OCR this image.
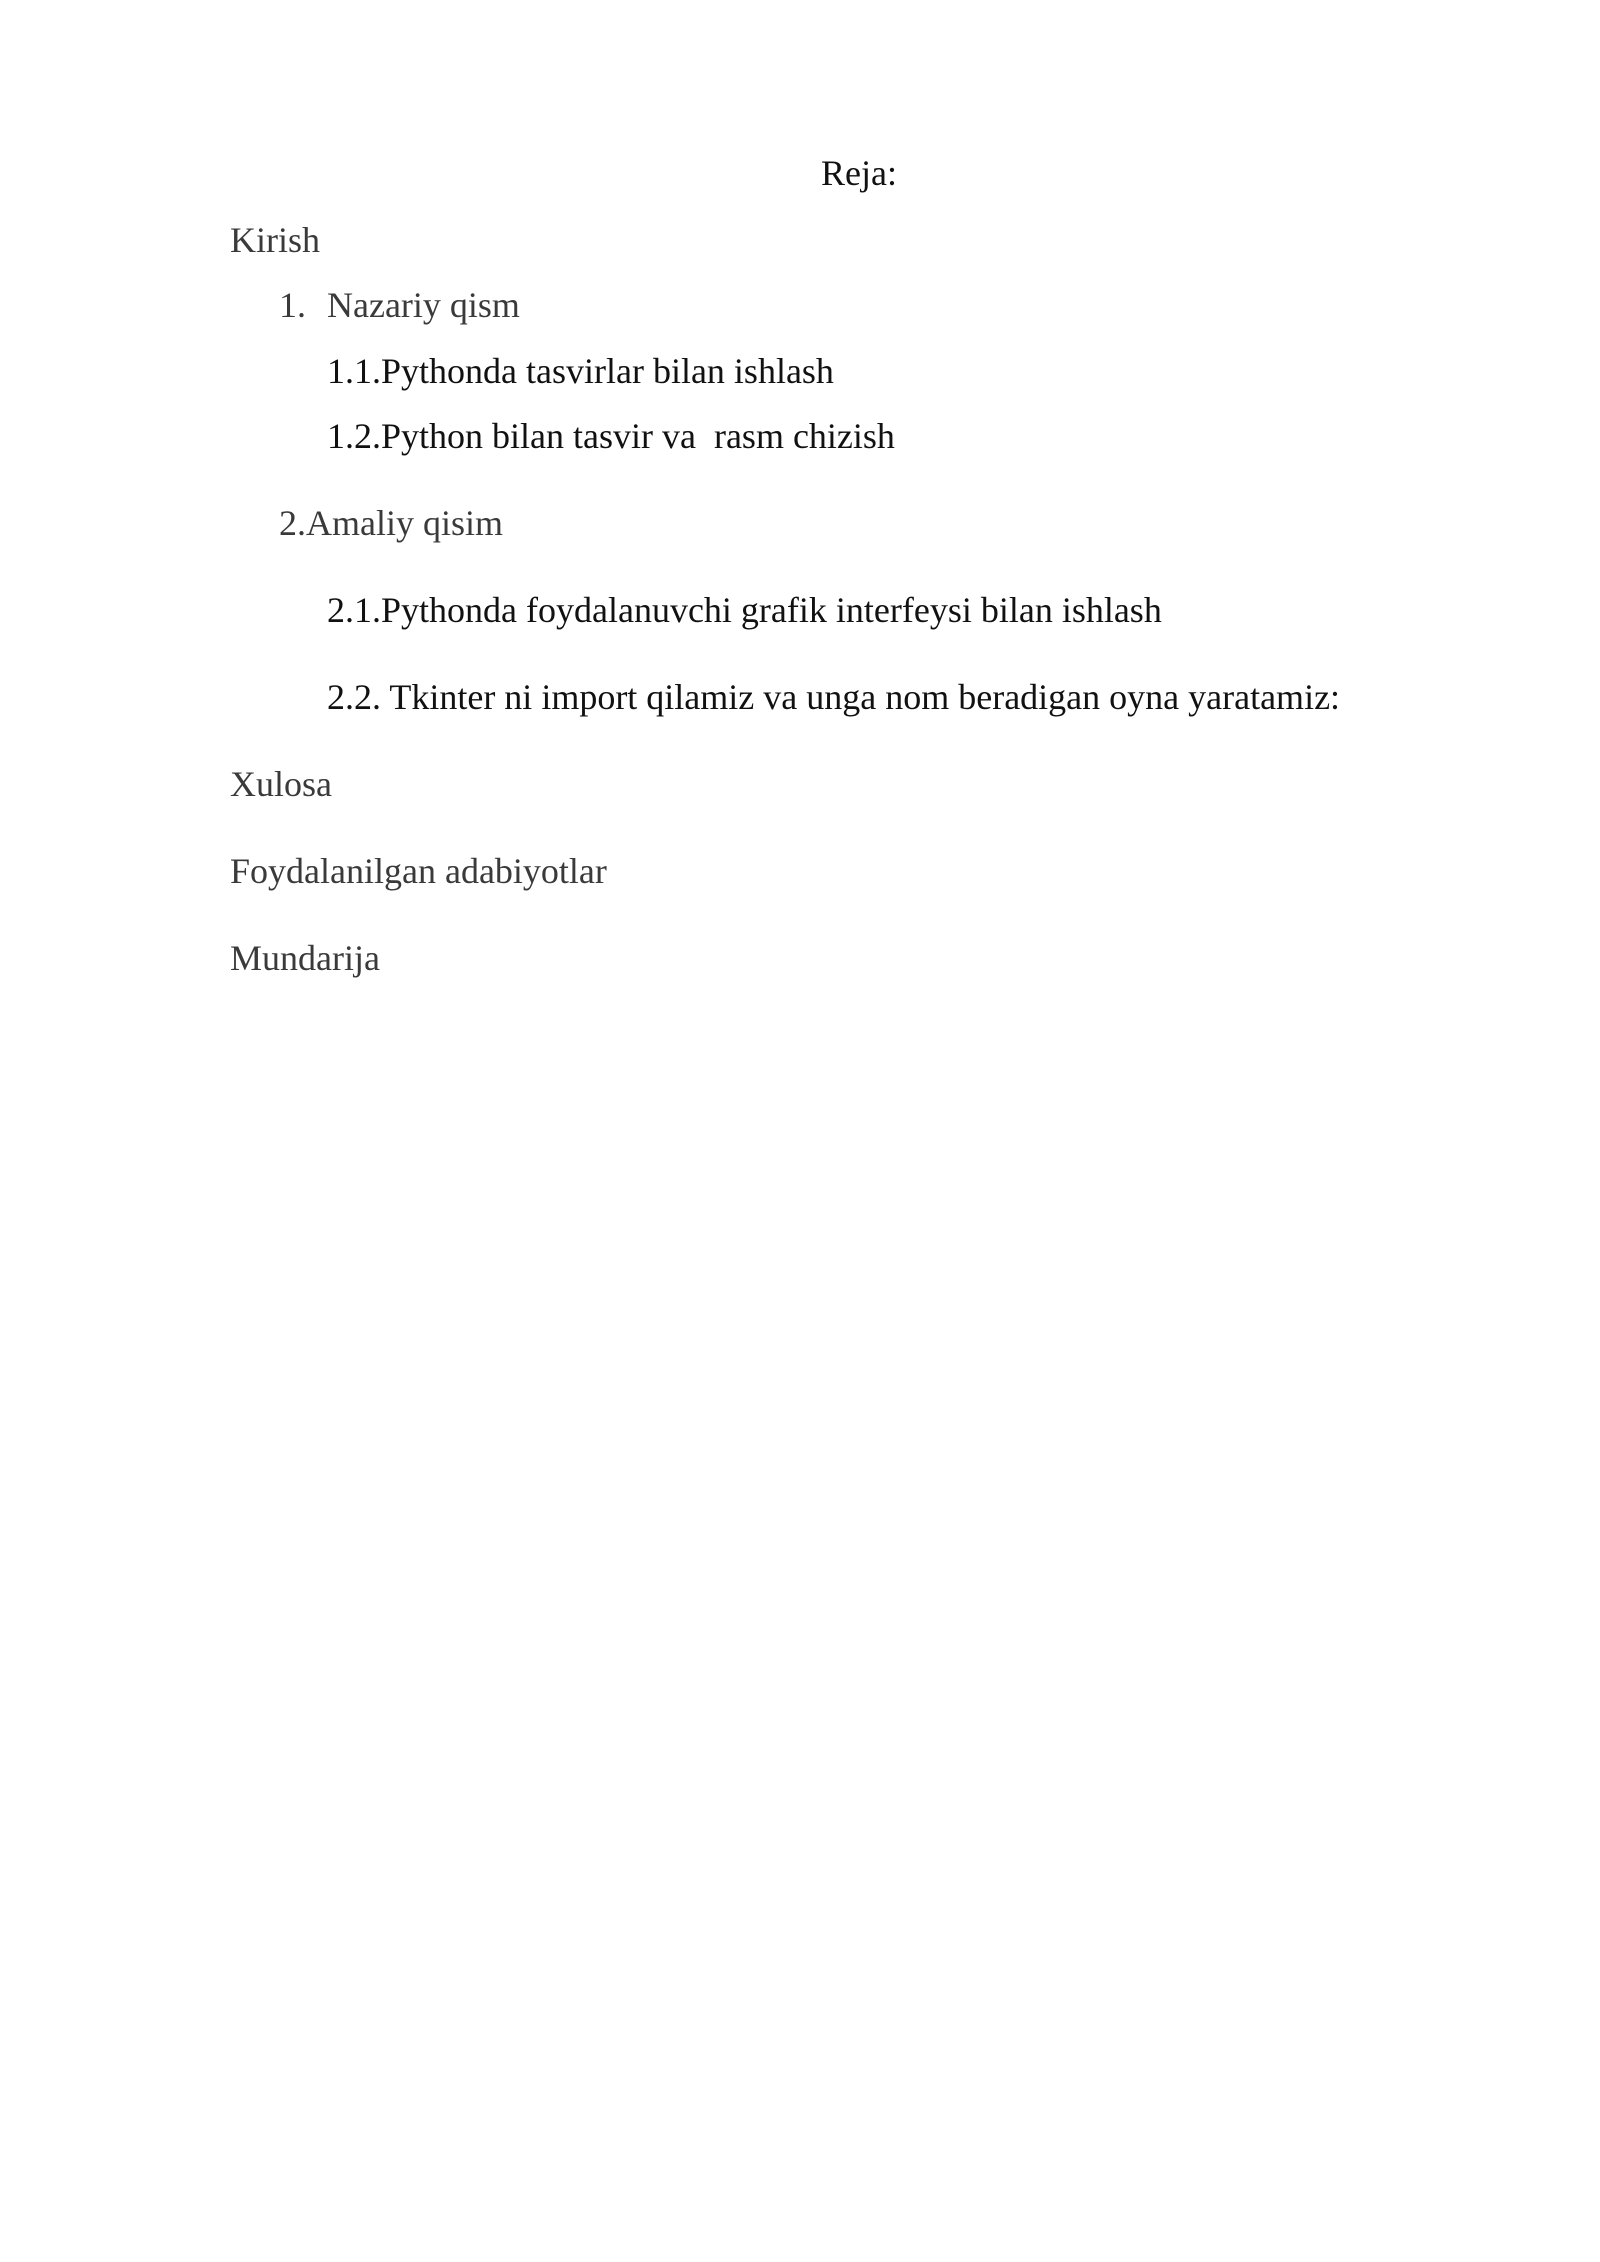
Reja:
Kirish
1. Nazariy qism
1.1.Pythonda tasvirlar bilan ishlash
1.2.Python bilan tasvir va  rasm chizish
2.Amaliy qisim
2.1.Pythonda foydalanuvchi grafik interfeysi bilan ishlash
2.2. Tkinter ni import qilamiz va unga nom beradigan oyna yaratamiz:
Xulosa
Foydalanilgan adabiyotlar
Mundarija
